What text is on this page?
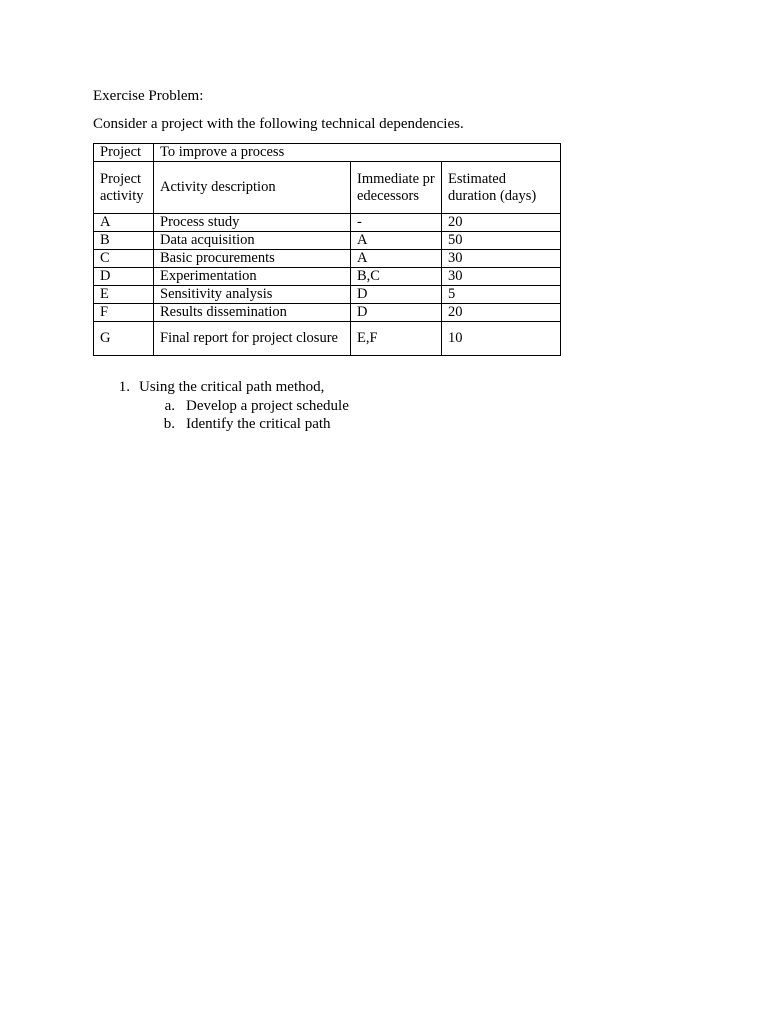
Exercise Problem:
Consider a project with the following technical dependencies.
Project	To improve a process		
Project activity	Activity description	Immediate predecessors	Estimated duration (days)
A	Process study	-	20
B	Data acquisition	A	50
C	Basic procurements	A	30
D	Experimentation	B,C	30
E	Sensitivity analysis	D	5
F	Results dissemination	D	20
G	Final report for project closure	E,F	10
1. Using the critical path method,
a. Develop a project schedule
b. Identify the critical path
